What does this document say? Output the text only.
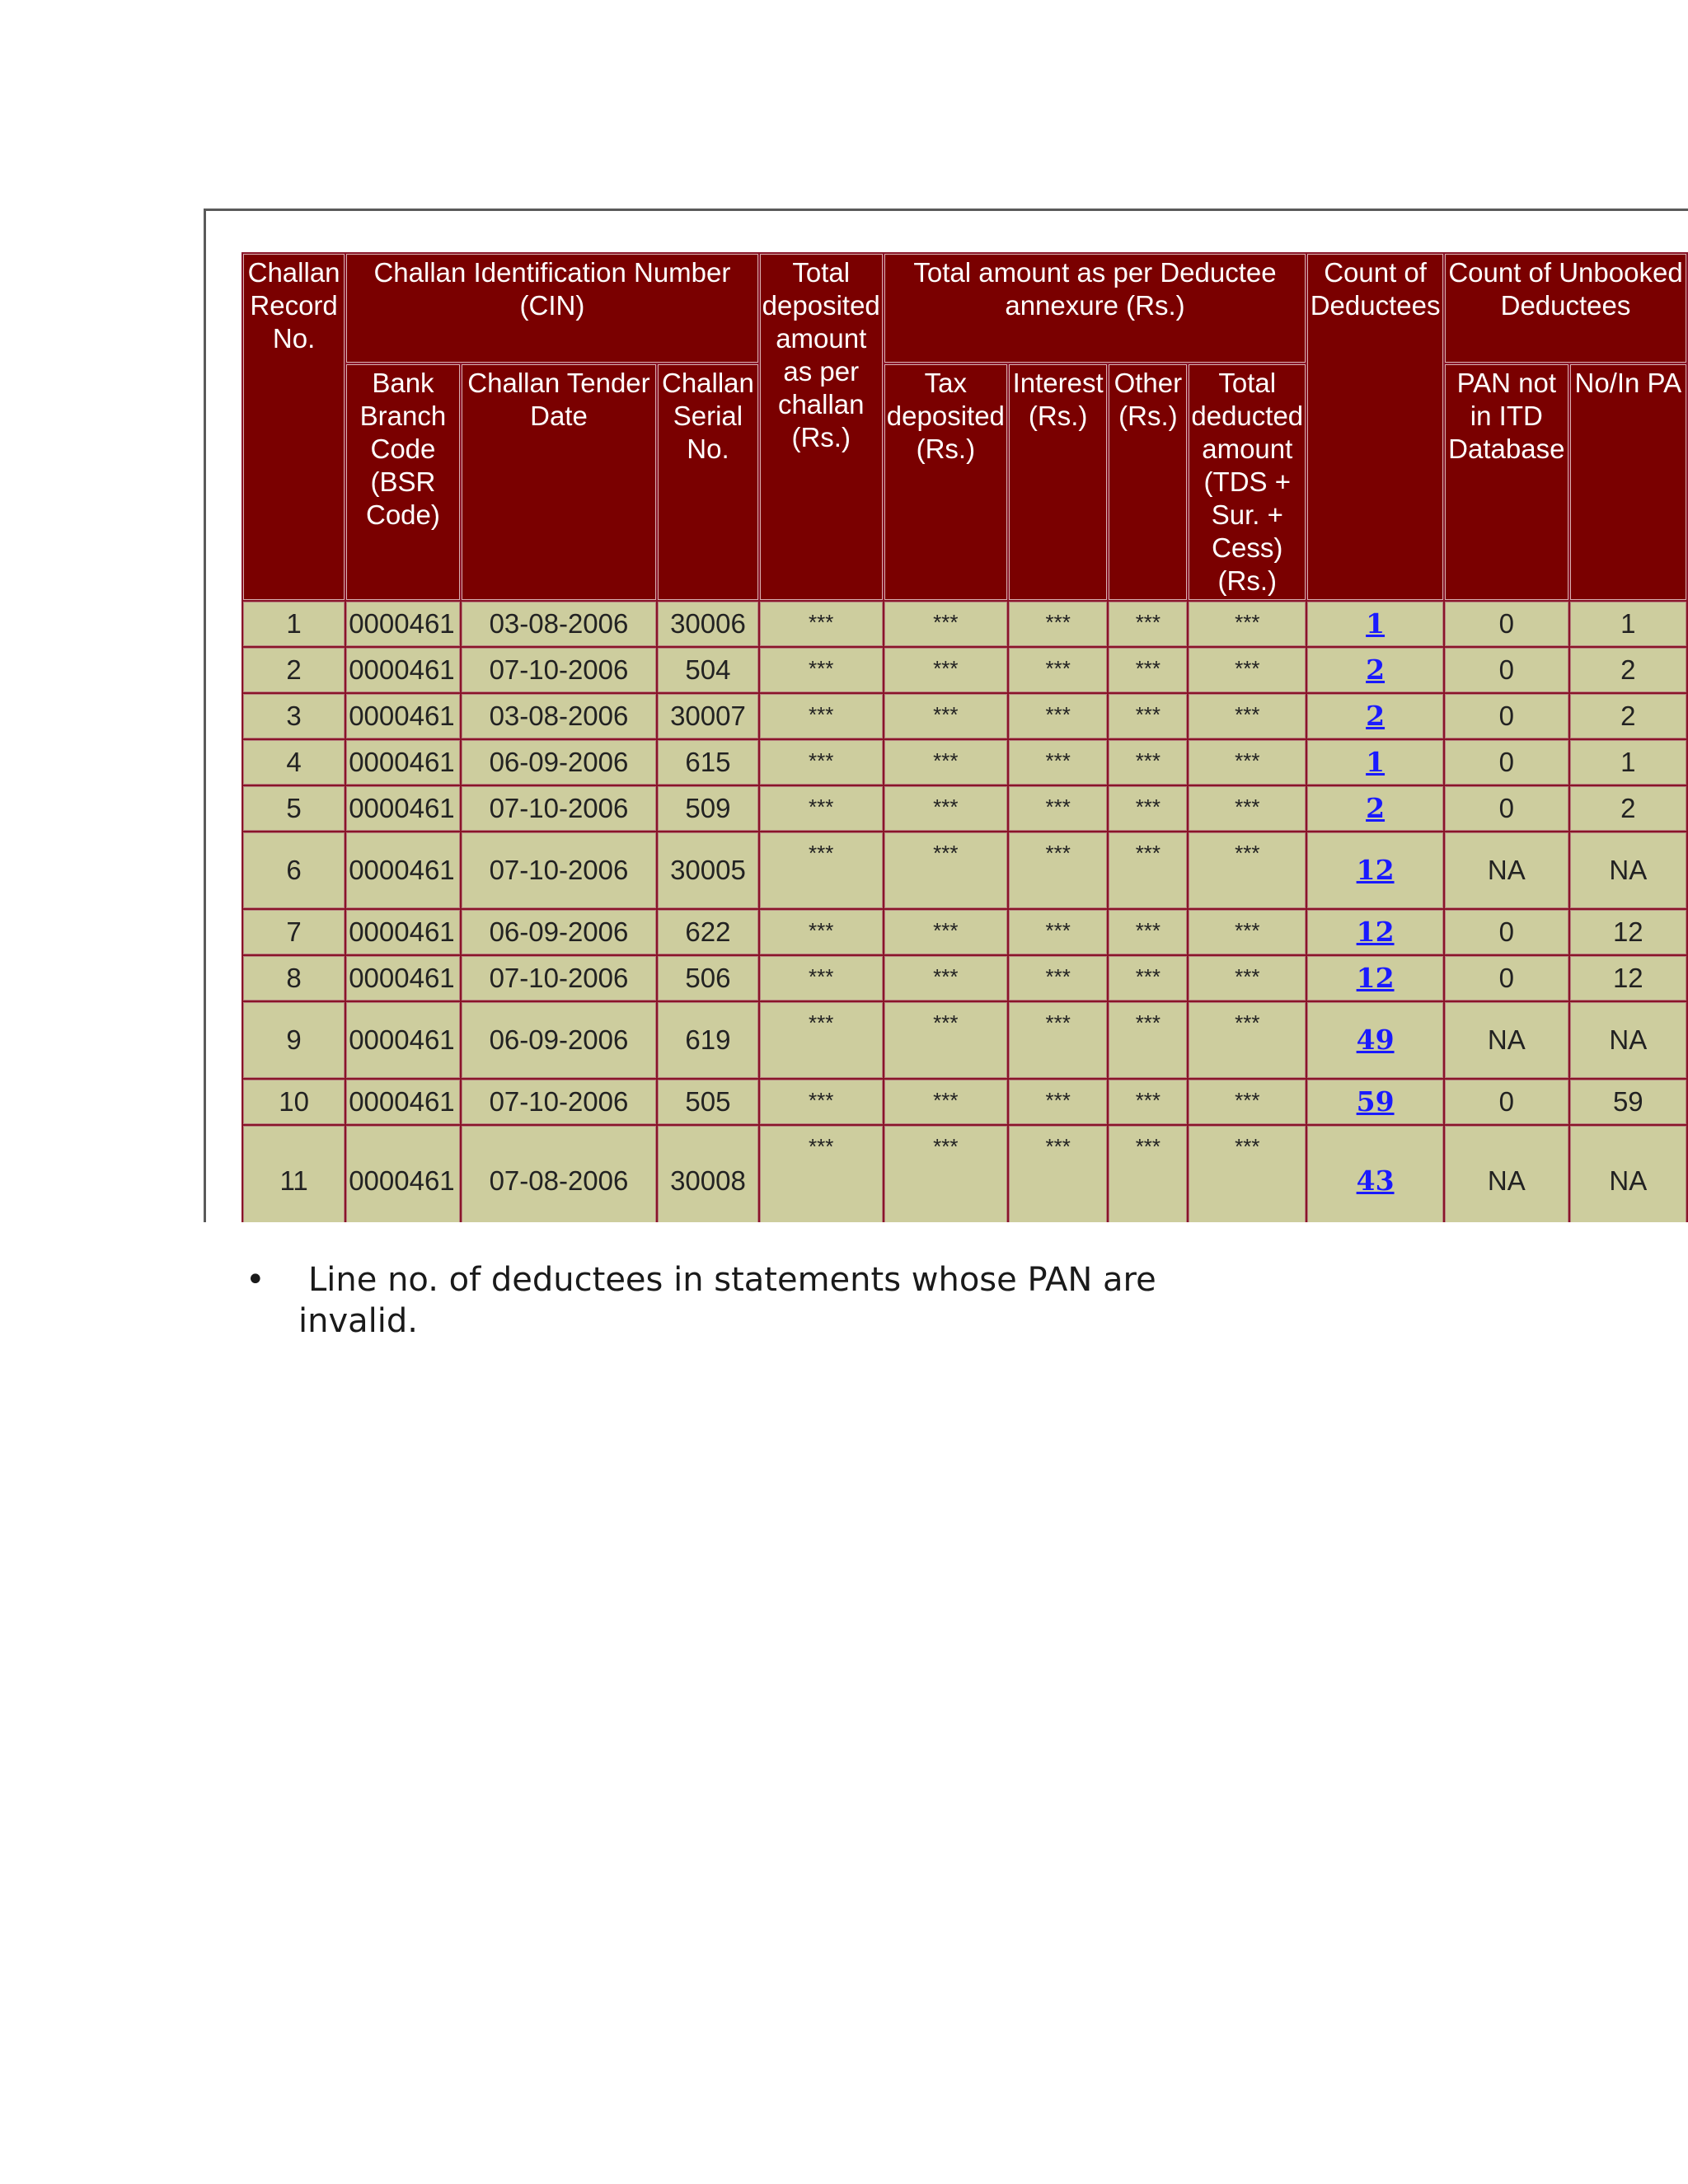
Challan Record No.	Challan Identification Number (CIN)			Total deposited amount as per challan (Rs.)	Total amount as per Deductee annexure (Rs.)				Count of Deductees	Count of Unbooked Deductees	
	Bank Branch Code (BSR Code)	Challan Tender Date	Challan Serial No.		Tax deposited (Rs.)	Interest (Rs.)	Other (Rs.)	Total deducted amount (TDS + Sur. + Cess) (Rs.)		PAN not in ITD Database	No/In PA
1	0000461	03-08-2006	30006	***	***	***	***	***	1	0	1
2	0000461	07-10-2006	504	***	***	***	***	***	2	0	2
3	0000461	03-08-2006	30007	***	***	***	***	***	2	0	2
4	0000461	06-09-2006	615	***	***	***	***	***	1	0	1
5	0000461	07-10-2006	509	***	***	***	***	***	2	0	2
6	0000461	07-10-2006	30005	***	***	***	***	***	12	NA	NA
7	0000461	06-09-2006	622	***	***	***	***	***	12	0	12
8	0000461	07-10-2006	506	***	***	***	***	***	12	0	12
9	0000461	06-09-2006	619	***	***	***	***	***	49	NA	NA
10	0000461	07-10-2006	505	***	***	***	***	***	59	0	59
11	0000461	07-08-2006	30008	***	***	***	***	***	43	NA	NA
•	Line no. of deductees in statements whose PAN are invalid.
